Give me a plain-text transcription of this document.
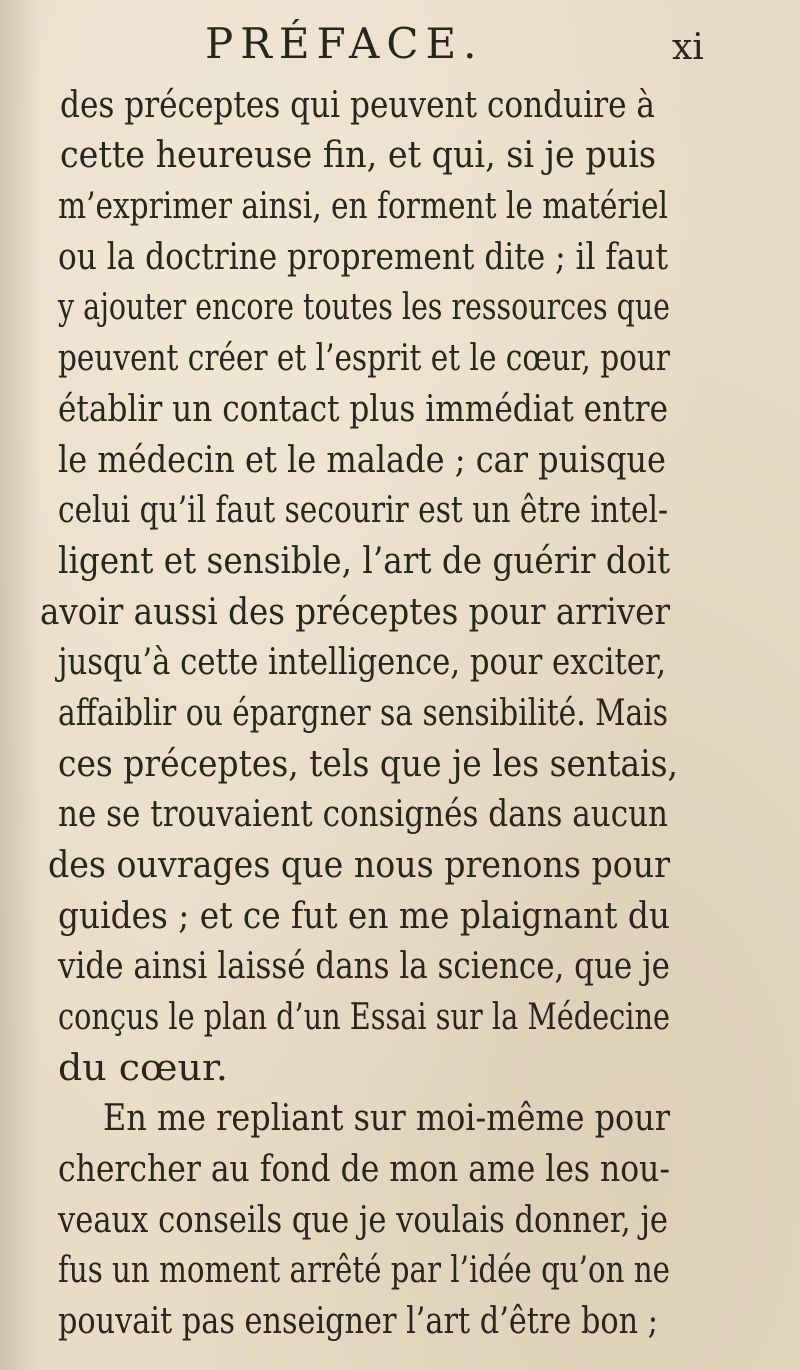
PRÉFACE.	xi
des préceptes qui peuvent conduire à
cette heureuse fin, et qui, si je puis
m’exprimer ainsi, en forment le matériel
ou la doctrine proprement dite ; il faut
y ajouter encore toutes les ressources que
peuvent créer et l’esprit et le cœur, pour
établir un contact plus immédiat entre
le médecin et le malade ; car puisque
celui qu’il faut secourir est un être intel-
ligent et sensible, l’art de guérir doit
avoir aussi des préceptes pour arriver
jusqu’à cette intelligence, pour exciter,
affaiblir ou épargner sa sensibilité. Mais
ces préceptes, tels que je les sentais,
ne se trouvaient consignés dans aucun
des ouvrages que nous prenons pour
guides ; et ce fut en me plaignant du
vide ainsi laissé dans la science, que je
conçus le plan d’un Essai sur la Médecine
du cœur.
En me repliant sur moi-même pour
chercher au fond de mon ame les nou-
veaux conseils que je voulais donner, je
fus un moment arrêté par l’idée qu’on ne
pouvait pas enseigner l’art d’être bon ;
